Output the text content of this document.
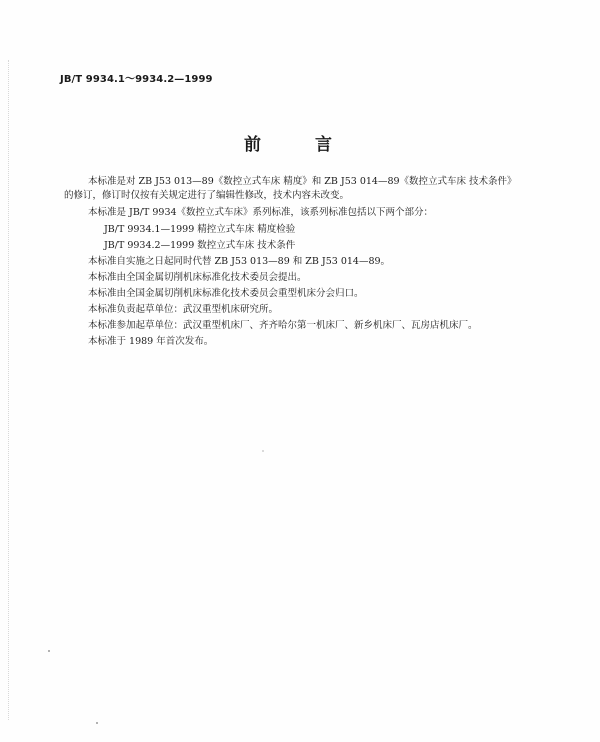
JB/T 9934.1～9934.2—1999
前 言
本标准是对 ZB J53 013—89《数控立式车床 精度》和 ZB J53 014—89《数控立式车床 技术条件》
的修订，修订时仅按有关规定进行了编辑性修改，技术内容未改变。
本标准是 JB/T 9934《数控立式车床》系列标准，该系列标准包括以下两个部分：
JB/T 9934.1—1999 精控立式车床 精度检验
JB/T 9934.2—1999 数控立式车床 技术条件
本标准自实施之日起同时代替 ZB J53 013—89 和 ZB J53 014—89。
本标准由全国金属切削机床标准化技术委员会提出。
本标准由全国金属切削机床标准化技术委员会重型机床分会归口。
本标准负责起草单位：武汉重型机床研究所。
本标准参加起草单位：武汉重型机床厂、齐齐哈尔第一机床厂、新乡机床厂、瓦房店机床厂。
本标准于 1989 年首次发布。
